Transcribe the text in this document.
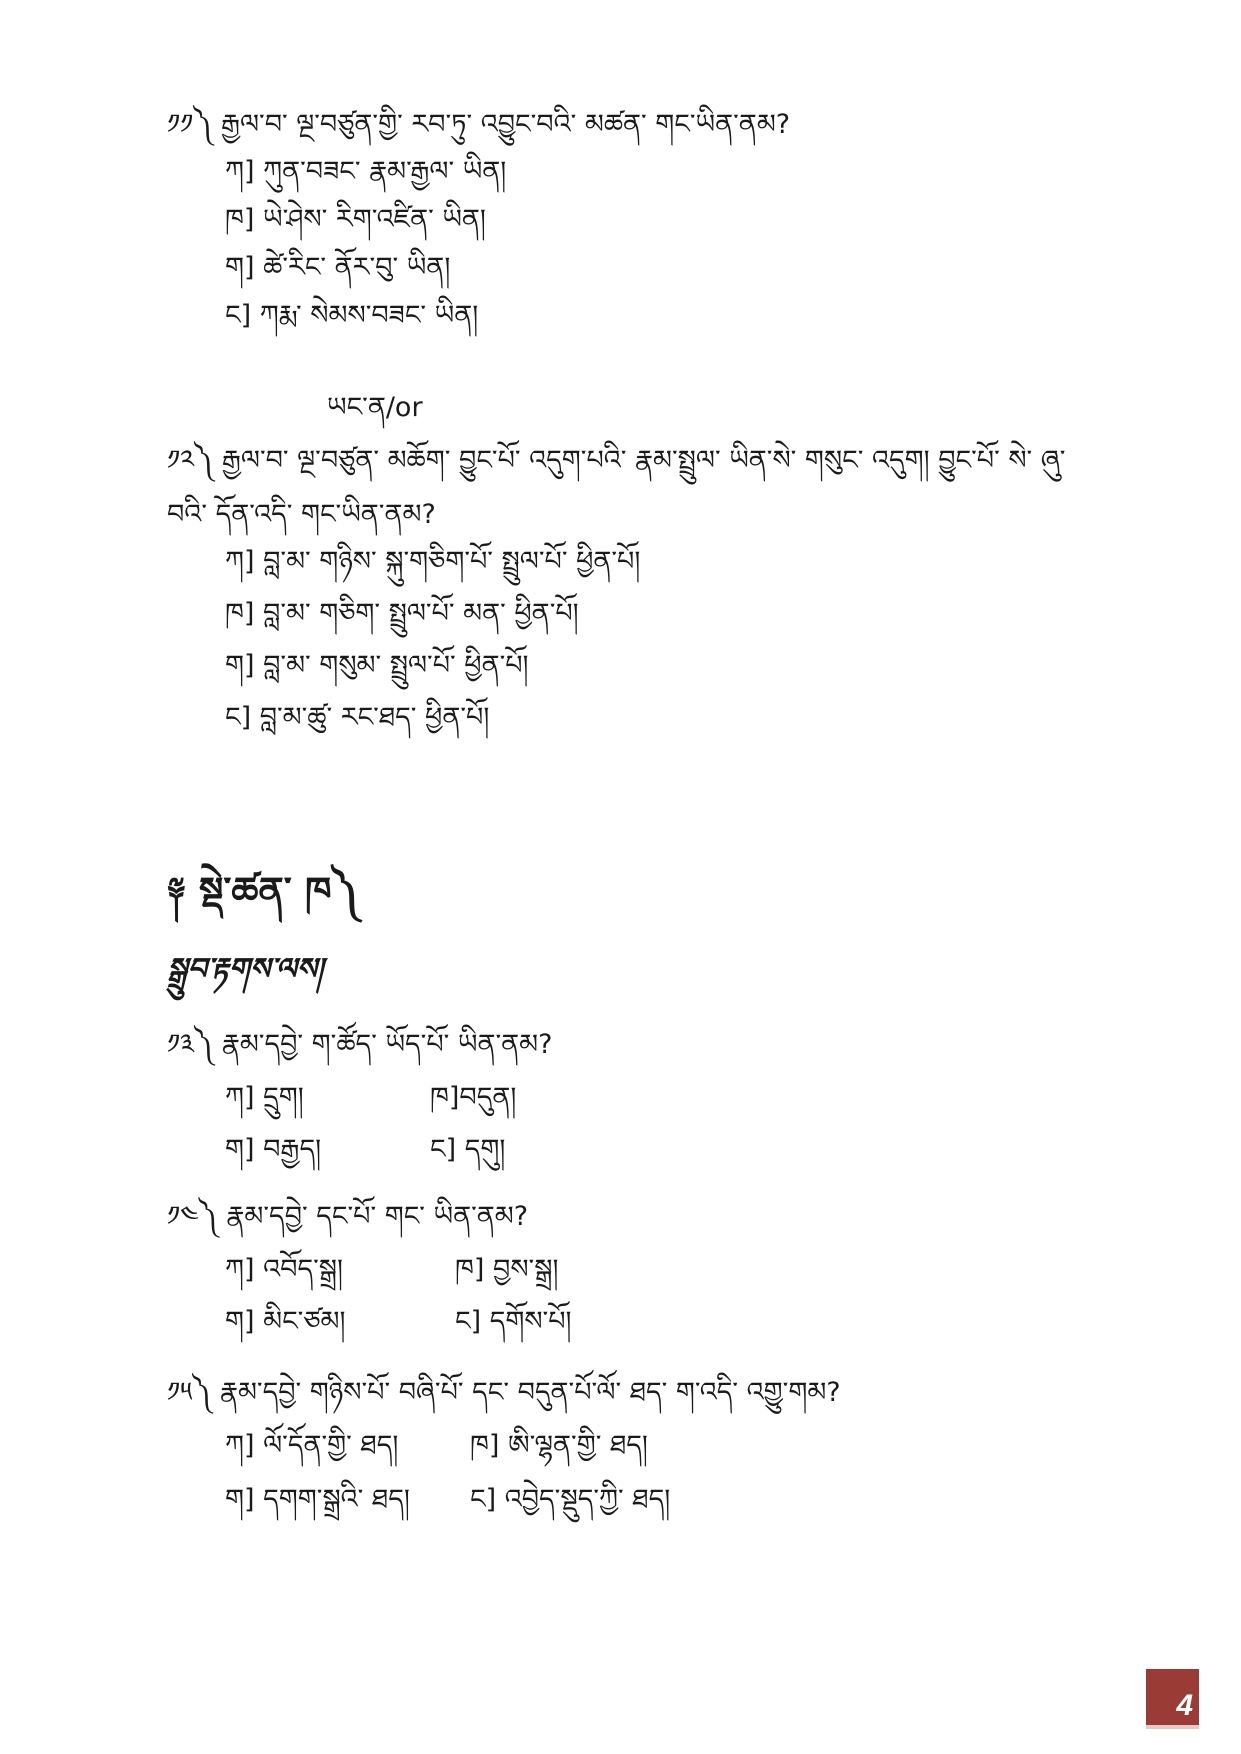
༡༡༽ རྒྱལ་བ་ ལྔ་བཙུན་གྱི་ རབ་ཏུ་ འབྱུང་བའི་ མཚན་ གང་ཡིན་ནམ?
ཀ] ཀུན་བཟང་ རྣམ་རྒྱལ་ ཡིན།
ཁ] ཡེ་ཤེས་ རིག་འཛིན་ ཡིན།
ག] ཚེ་རིང་ ནོར་བུ་ ཡིན།
ང] ཀརྨ་ སེམས་བཟང་ ཡིན།
ཡང་ན/or
༡༢༽ རྒྱལ་བ་ ལྔ་བཙུན་ མཆོག་ བྱུང་པོ་ འདུག་པའི་ རྣམ་སྤྲུལ་ ཡིན་སེ་ གསུང་ འདུག། བྱུང་པོ་ སེ་ ཞུ་བའི་ དོན་འདི་ གང་ཡིན་ནམ?
ཀ] བླ་མ་ གཉིས་ སྐུ་གཅིག་པོ་ སྤྲུལ་པོ་ ཕྱིན་པོ།
ཁ] བླ་མ་ གཅིག་ སྤྲུལ་པོ་ མན་ ཕྱིན་པོ།
ག] བླ་མ་ གསུམ་ སྤྲུལ་པོ་ ཕྱིན་པོ།
ང] བླ་མ་ཚུ་ རང་ཐད་ ཕྱིན་པོ།
༈ སྡེ་ཚན་ ཁ༽
སྒྲུབ་རྟགས་ལས།
༡༣༽ རྣམ་དབྱེ་ ག་ཚོད་ ཡོད་པོ་ ཡིན་ནམ?
ཀ] དྲུག།	ཁ]བདུན།
ག] བརྒྱད།	ང] དགུ།
༡༤༽ རྣམ་དབྱེ་ དང་པོ་ གང་ ཡིན་ནམ?
ཀ] འབོད་སྒྲ།	ཁ] བྱས་སྒྲ།
ག] མིང་ཙམ།	ང] དགོས་པོ།
༡༥༽ རྣམ་དབྱེ་ གཉིས་པོ་ བཞི་པོ་ དང་ བདུན་པོ་ལོ་ ཐད་ ག་འདི་ འགྱུ་གམ?
ཀ] ལོ་དོན་གྱི་ ཐད།	ཁ] ཨི་ལྷན་གྱི་ ཐད།
ག] དགག་སྒྲའི་ ཐད། ང] འབྱེད་སྡུད་ཀྱི་ ཐད།
4
